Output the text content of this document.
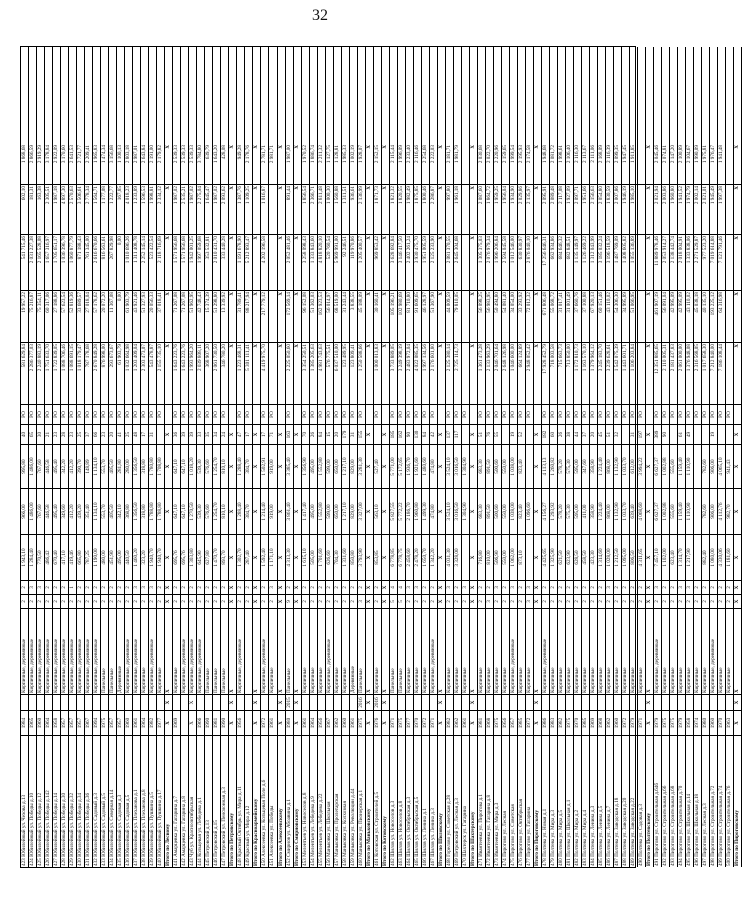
32
423 Юбилейный ул. Чехова д.13
1984
Кирпичные, деревянные
2
2
1 943,10
966,00
995,80
40
РО
581 629,84
19 957,22
541 715,46
602,10
1 868,68
424 Юбилейный ул. Победы д.10
1965
Кирпичные, деревянные
2
3
1 284,40
1 486,00
1 486,00
65
РО
2 286 377,03
75 216,87
2 031 227,38
181,31
2 866,59
425 Юбилейный ул. Победы д.12
1960
Кирпичные, деревянные
2
3
770,50
767,60
767,60
30
РО
2 240 883,19
75 354,11
2 165 528,08
163,38
2 919,29
426 Юбилейный ул. Победы д.142
1964
Кирпичные, деревянные
2
2
486,42
446,58
446,58
21
РО
1 751 633,70
60 317,06
1 657 316,97
2 305,51
3 178,84
427 Юбилейный ул. Победы д.14
1958
Кирпичные, деревянные
2
2
670,40
495,40
495,40
23
РО
1 722 839,05
27 188,86
1 705 651,17
1 987,18
2 922,09
428 Юбилейный ул. Победы д.30
1957
Кирпичные, деревянные
2
2
417,10
349,60
342,20
28
РО
1 088 706,46
57 623,54
1 036 396,78
4 897,30
3 170,60
429 Юбилейный ул. Победы д.32
1957
Кирпичные, деревянные
2
1
419,46
412,20
412,20
23
РО
1 088 691,15
52 819,36
1 060 877,79
2 570,63
2 641,53
430 Юбилейный ул. Победы д.34
1957
Кирпичные, деревянные
2
2
665,80
439,20
390,70
25
РО
1 018 179,47
33 689,57
871 188,43
3 506,61
2 721,77
431 Юбилейный ул. Победы д.36
1967
Кирпичные, деревянные
2
2
787,25
351,40
148,89
37
РО
787 178,68
27 018,04
761 345,00
2 778,34
2 209,41
432 Юбилейный ул. Садовый д.3
1994
Кирпичные, деревянные
2
2
1 190,00
1 134,10
1 134,10
66
РО
2 670 849,28
57 178,62
2 616 670,66
1 564,71
1 965,83
433 Юбилейный ул. Садовый д.5
1975
Панельные
2
2
480,00
553,70
553,70
23
РО
876 998,00
20 072,20
816 563,61
1 177,08
1 474,34
434 Юбилейный ул. Северная д.14
1957
Панельные
2
2
451,90
405,50
405,50
20
РО
293 673,67
11 367,08
267 829,98
1 222,77
3 156,68
435 Юбилейный ул. Садовая д.3
1957
Деревянные
2
2
495,00
342,10
281,80
41
РО
61 903,79
0,00
0,00
167,85
1 100,13
436 Юбилейный ул. Садовая д.5
1960
Кирпичные, деревянные
2
2
440,50
368,80
280,00
25
РО
1 032 664,98
61 903,79
1 010 696,26
4 018,23
2 803,18
437 Юбилейный ул. Плеханова д.1
1961
Кирпичные, деревянные
2
3
1 460,20
1 356,50
1 356,50
48
РО
1 203 409,04
43 921,46
1 311 408,78
1 233,89
2 987,01
438 Юбилейный ул. Плеханова д.8
1964
Кирпичные
2
3
323,20
318,80
318,80
17
РО
2 303 473,07
51 327,93
2 252 145,14
1 596,53
2 643,84
439 Юбилейный ул. Пушкина д.5
1982
Кирпичные, деревянные
2
3
1 940,70
1 788,80
1 780,80
31
РО
543 478,87
20 056,33
523 422,54
1 998,81
2 191,00
440 Юбилейный ул. Пушкина д.17
1977
Кирпичные
2
2
1 940,70
1 788,80
1 708,80
РО
2 155 735,10
37 018,41
2 118 716,69
2 334,12
2 179,82
Итого по Лесному
X
X
X
X
X
X
X
X
X
X
X
X
X
X
441 Амарцевка ул. Гагарина д.7
1969
Кирпичные
2
2
695,76
647,10
647,10
36
РО
1 643 223,76
71 267,08
1 571 956,68
1 987,02
2 539,33
442 Амарцевка ул. Гагарина д.8
Кирпичные, деревянные
2
2
695,76
647,10
647,10
39
РО
1 643 223,76
71 267,08
1 571 956,68
2 535,21
2 539,33
443 Чуб ул. Краснооктябрьская
X
X
Кирпичные, деревянные
2
2
1 303,80
1 270,50
1 018,20
39
РО
1 993 964,20
51 962,95
1 942 001,25
1 987,02
2 539,33
444 Кольцевая ул. Лебедева д.1
1966
Кирпичные, деревянные
2
2
645,90
539,30
539,30
33
РО
2 039 808,11
42 748,43
1 997 059,68
2 275,04
3 784,80
445 Петровский д.13
1990
Панельные
2
2
627,80
576,60
576,60
35
РО
368 907,20
15 374,39
353 532,81
1 645,47
639,79
446 Петровский д.15
1981
Панельные
2
2
1 470,70
1 254,70
1 254,70
34
РО
2 061 730,50
51 298,80
2 010 431,70
1 987,02
1 643,20
447 Петровский ул. Пенсионная д.3
1990
Панельные
2
2
893,70
810,10
810,10
24
РО
346 780,20
13 339,92
333 440,28
2 093,62
428,08
Итого по Петровскому
X
X
X
X
X
X
X
X
X
X
X
X
X
X
448 Красный Октябрь ул. Мира д.11
1956
Кирпичные, деревянные
2
2
1 302,70
1 288,40
1 288,40
47
РО
1 223 468,31
31 789,41
1 191 678,90
1 387,76
949,28
449 Красный ул. Мира д.12
2
2
287,40
304,70
304,70
17
РО
5 301 111,41
88 217,94
5 212 893,47
1 109,25
2 178,76
Итого по Красноармейскому
X
X
X
X
X
X
X
X
X
X
X
X
X
X
450 Алексеевка ул. Кольцевая Поле д.6
1972
Кирпичные, деревянные
2
2
1 592,40
1 214,40
1 502,91
17
РО
4 419 975,70
217 779,12
4 202 196,58
1 016,87
2 781,71
451 Алексеевка ул. Победы
1961
Кирпичные
2
3
1 171,10
919,00
919,00
71
РО
2 981,71
Итого по Алексеевскому
X
X
X
X
X
X
X
X
X
X
X
X
X
X
452 Смирнов ул. Абоавина д.1
1980
2015
Панельные
9
2
4 313,30
3 861,40
3 385,40
163
РО
2 225 050,60
172 569,14
2 052 481,46
891,44
1 987,00
Итого по Смирновскому
X
X
X
X
X
X
X
X
X
X
X
X
X
X
453 Мелентьев ул. Новоселов д.8
1961
Кирпичные
2
2
1 615,10
1 417,40
1 356,90
70
РО
3 354 250,51
96 152,08
3 258 098,43
1 856,54
1 970,52
454 Мелентьев ул. Лебедева д.9
1964
Кирпичные
2
2
505,00
495,00
495,00
26
РО
1 385 205,63
51 362,03
1 333 843,60
2 366,71
1 886,74
455 Мелентьев ул. Лебедева д.22
1956
Кирпичные
2
2
1 701,60
1 552,80
1 552,80
84
РО
4 981 743,63
162 923,53
4 818 820,10
2 811,48
2 211,32
456 Маньковка ул. Школьная
1967
Кирпичные, деревянные
2
2
626,60
599,00
599,00
15
РО
576 775,51
56 014,97
520 760,54
1 000,30
1 127,75
457 Маньковка ул. Пролетарская
1962
Кирпичные
2
2
704,30
650,00
650,00
20
РО
6 037 510,00
68 519,00
5 969 991,00
1 560,88
1 128,81
458 Маньковка ул. Колхозная
1960
Кирпичные
2
2
1 331,60
1 217,10
1 217,10
179
РО
123 489,95
31 243,44
92 246,51
1 311,51
1 985,33
459 Маньковка ул. Революции д.44
1961
Деревянные
2
2
850,80
829,00
829,00
31
РО
123 809,41
3 838,55
119 970,86
936,61
1 002,19
460 Маньковка ул. Пионерская д.1
1975
2016
Панельные
3
2
3 793,90
3 327,00
3 281,30
155
РО
1 250 588,66
45 188,09
1 205 400,57
2 136,99
1 928,07
Итого по Маньковскому
X
X
X
X
X
X
X
X
X
X
X
X
X
X
461 Котовская ул. Строителей д.5
1976
2016
Кирпичные
2
2
853,85
563,10
527,40
РО
1 000 013,83
30 160,41
969 853,42
1 871,73
2 152,15
Итого по Котовскому
X
X
X
X
X
X
X
X
X
X
X
X
X
X
462 Шилов ул. Новоселов д.3
1971
Панельные
5
4
6 778,85
5 827,55
5 771,00
185
РО
3 733 889,05
105 196,21
3 628 692,84
1 821,32
2 115,44
463 Шилов ул. Новоселов д.8
1975
Панельные
5
4
6 778,75
5 772,22
5 172,65
162
РО
3 249 398,19
102 980,69
3 146 417,50
1 820,55
1 996,09
464 Шилов ул. Октябрьская д.3
1977
Кирпичные
2
3
2 458,60
2 186,70
1 936,70
90
РО
2 483 972,04
81 710,80
2 402 261,24
1 982,49
2 233,40
465 Шилов ул. Октябрьская д.5
1970
Кирпичные
2
3
2 478,20
1 960,80
1 921,60
130
РО
4 022 085,35
91 609,65
3 930 475,70
1 875,85
2 116,46
466 Шилов ул. Ленина д.1
1972
Кирпичные
2
2
1 650,70
1 499,30
1 480,60
84
РО
1 997 134,56
46 128,97
1 951 005,59
1 800,46
2 254,68
467 Шилов ул. Ленина д.3
1971
Кирпичные, деревянные
2
2
1 342,20
474,80
474,80
42
РО
2 176 601,80
51 367,90
2 125 233,90
2 286,87
2 222,03
Итого по Шиловскому
X
X
X
X
X
X
X
X
X
X
X
X
X
X
468 Горелово ул. Советская д.28
1982
Кирпичные
2
3
4 031,30
3 524,10
3 524,10
137
РО
2 125 380,14
44 009,59
2 081 370,55
997,80
2 181,71
469 Петровский ул. Лесная д.3
1962
Кирпичные
2
2
3 328,00
3 016,50
3 016,50
117
РО
2 725 114,73
79 810,05
2 645 304,68
1 961,18
1 981,79
470 Шахтерск ул. Гагарина
1961
Кирпичные
2
3
1 304,90
1 304,90
РО
Итого по Шахтерскому
X
X
X
X
X
X
X
X
X
X
X
X
X
X
471 Ивантеевка ул. Пирогова д.1
1981
Кирпичные
2
2
716,80
683,30
683,30
51
РО
1 361 473,28
56 098,25
1 305 375,03
2 087,60
2 030,68
472 Ивантеевка ул. Гагарина д.8
1968
Кирпичные
3
2
810,00
891,50
891,50
76
РО
2 133 963,29
56 983,95
2 076 979,34
1 864,72
2 022,70
473 Ивантеевка ул. Мира д.3
1975
Кирпичные
2
3
506,90
500,60
500,60
55
РО
2 046 701,64
50 494,80
1 996 206,84
1 959,25
2 220,96
474 Пирогово ул. Лесная
1956
Кирпичные
2
2
550,00
550,00
550,00
РО
2 648 126,98
54 081,40
2 594 045,58
1 956,04
2 159,65
475 Пирогово ул. Советская
1957
Кирпичные, деревянные
2
3
1 062,00
1 038,00
1 038,00
19
РО
1 046 600,00
34 054,00
1 012 546,00
1 934,90
1 999,54
476 Пирогово ул. Октябрьская
1985
Кирпичные
2
2
873,10
823,40
823,40
52
РО
664 124,89
33 293,92
630 830,97
2 029,86
2 195,93
477 Пирогово ул. Гагарина
1972
Кирпичные
3
3
1 096,60
РО
2 948 052,42
72 012,32
2 876 040,10
2 135,97
2 174,58
Итого по Пироговскому
X
X
X
X
X
X
X
X
X
X
X
X
X
X
478 Полтева ул. Новая д.1
1986
Кирпичные, деревянные
2
2
4 425,65
4 156,27
4 113,13
182
РО
17 928 452,79
671 806,48
17 256 646,31
2 095,91
1 948,68
479 Полтева ул. Мира д.3
1983
Кирпичные
2
2
1 325,90
1 293,92
1 260,82
60
РО
718 003,58
55 068,72
662 934,86
2 089,48
2 081,72
480 Полтева ул. Мира д.5
1982
Кирпичные
2
2
621,50
578,20
578,20
26
РО
715 663,73
31 017,41
684 646,32
2 117,08
1 998,61
481 Полтева ул. Школьная д.1
1975
Кирпичные
2
2
623,90
575,30
575,30
38
РО
713 850,00
31 001,49
682 848,51
1 927,09
2 106,40
482 Полтева ул. Мира д.2
1970
Кирпичные
2
2
628,50
595,00
595,00
44
РО
1 172 810,73
37 660,76
1 135 149,97
2 097,71
2 116,30
483 Полтева ул. Мира д.4
1985
Кирпичные
2
2
458,50
411,00
347,60
37
РО
1 163 570,10
37 100,88
1 126 469,22
1 951,66
2 113,67
484 Полтева ул. Ленина д.3
1969
Кирпичные
2
2
423,30
358,90
358,90
20
РО
1 379 964,12
67 920,13
1 312 043,99
2 156,63
2 111,06
485 Полтева ул. Ленина д.5
1968
Кирпичные
2
2
1 314,60
1 224,40
1 224,40
45
РО
3 245 183,70
60 151,46
3 185 032,24
2 054,80
2 168,09
486 Полтева ул. Ленина д.7
1962
Кирпичные
2
3
1 028,00
868,00
868,00
51
РО
3 239 628,61
43 110,02
3 196 518,59
1 830,59
2 116,39
487 Полтева ул. Заводская д.18
1960
Кирпичные
2
2
1 212,50
1 132,90
1 132,90
32
РО
1 542 075,39
54 306,30
1 487 769,09
2 007,86
2 099,35
488 Полтева ул. Заводская д.20
1972
Кирпичные
2
2
1 095,00
1 033,70
1 033,70
РО
1 443 601,71
34 995,89
1 408 605,82
1 946,19
1 947,45
489 Полтева ул. Заводская д.22
1979
Кирпичные
2
2
806,50
639,40
612,00
31
РО
1 106 203,84
51 066,95
1 055 136,89
1 985,10
1 911,85
490 Полтева ул. Садовая д.3
1971
Кирпичные
2
2
4 311,65
4 068,60
3 994,22
197
РО
Итого по Полтевскому
X
X
X
X
X
X
X
X
X
X
X
X
X
X
491 Пирогово ул. Строительная д.64б
1979
Кирпичные, деревянные
2
3
7 457,10
6 627,37
6 627,37
389
РО
12 351 885,65
461 907,19
11 889 978,46
2 021,94
2 045,46
492 Пирогово ул. Строительная д.66
1975
Кирпичные
2
2
1 102,00
1 002,88
1 002,88
90
РО
2 110 005,31
56 091,04
2 053 914,27
2 003,86
2 074,81
493 Пирогово ул. Строительная д.68
1975
Кирпичные
2
2
623,40
555,60
555,60
РО
2 181 437,83
42 995,09
2 138 442,74
1 960,80
2 147,20
494 Пирогово ул. Строительная д.70
1979
Кирпичные
2
3
1 314,70
1 159,40
1 159,40
61
РО
2 061 000,00
42 995,09
2 018 004,91
1 941,52
2 100,89
495 Пирогово ул. Школьная д.14
1958
Кирпичные
2
3
1 217,90
1 110,90
1 110,90
49
РО
1 376 948,08
43 110,02
1 333 838,06
1 974,79
2 104,67
496 Пирогово ул. Школьная д.18
1974
Кирпичные
2
2
РО
2 316 568,05
45 038,18
2 271 529,87
2 002,14
1 990,09
497 Пирогово ул. Лесная д.3
1980
Кирпичные
2
2
882,40
782,60
782,60
РО
1 017 658,30
40 135,10
977 523,20
2 021,01
1 975,81
498 Пирогово ул. Строительная д.72
1960
Кирпичные, деревянные
2
2
1 080,00
906,00
906,00
19
РО
7 212 840,00
193 225,12
7 019 614,88
1 945,49
1 976,47
499 Пирогово ул. Строительная д.74
1970
Кирпичные
2
2
4 330,06
4 112,76
4 065,10
РО
7 186 108,44
64 316,98
7 121 791,46
1 997,38
1 941,48
500 Пирогово ул. Строительная д.76
1963
Кирпичные
2
2
1 181,60
982,70
941,43
РО
Итого по Пироговскому
X
X
X
X
X
X
X
X
X
X
X
X
X
X
